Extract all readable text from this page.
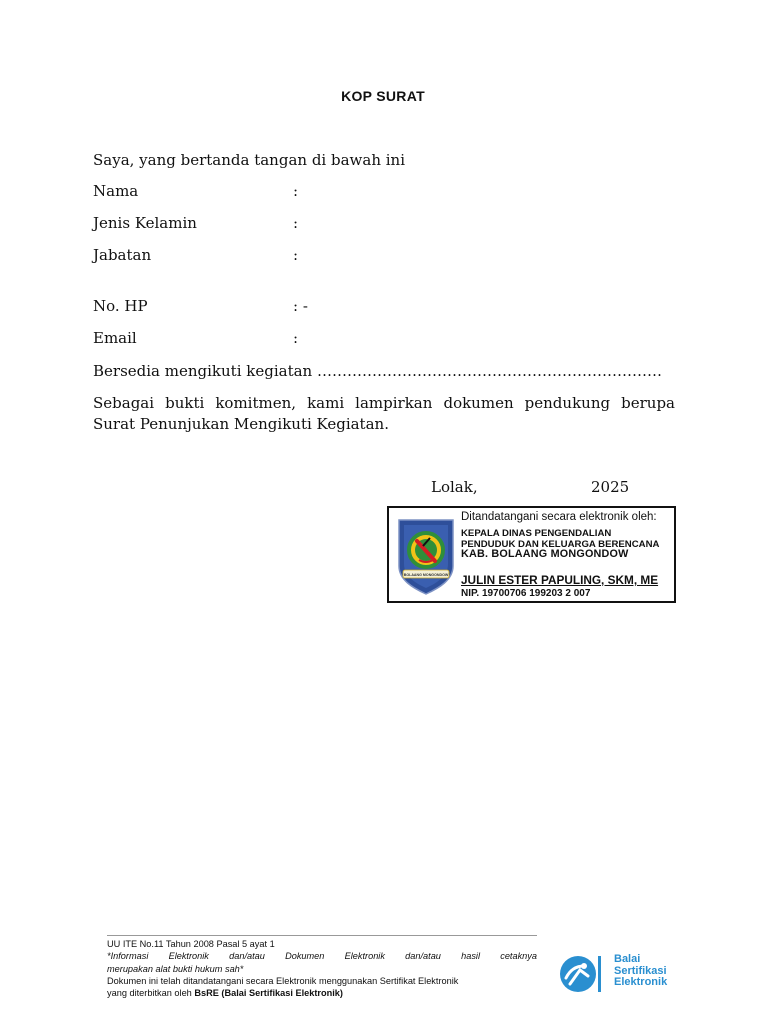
KOP SURAT
Saya, yang bertanda tangan di bawah ini
Nama	:
Jenis Kelamin	:
Jabatan	:
No. HP	: -
Email	:
Bersedia mengikuti kegiatan ……………………………………………………………
Sebagai bukti komitmen, kami lampirkan dokumen pendukung berupa Surat Penunjukan Mengikuti Kegiatan.
Lolak,	2025
BOLAANG MONGONDOW
Ditandatangani secara elektronik oleh:
KEPALA DINAS PENGENDALIAN
PENDUDUK DAN KELUARGA BERENCANA
KAB. BOLAANG MONGONDOW
JULIN ESTER PAPULING, SKM, ME
NIP. 19700706 199203 2 007
UU ITE No.11 Tahun 2008 Pasal 5 ayat 1
*Informasi Elektronik dan/atau Dokumen Elektronik dan/atau hasil cetaknya
merupakan alat bukti hukum sah*
Dokumen ini telah ditandatangani secara Elektronik menggunakan Sertifikat Elektronik
yang diterbitkan oleh BsRE (Balai Sertifikasi Elektronik)
Balai
Sertifikasi
Elektronik
